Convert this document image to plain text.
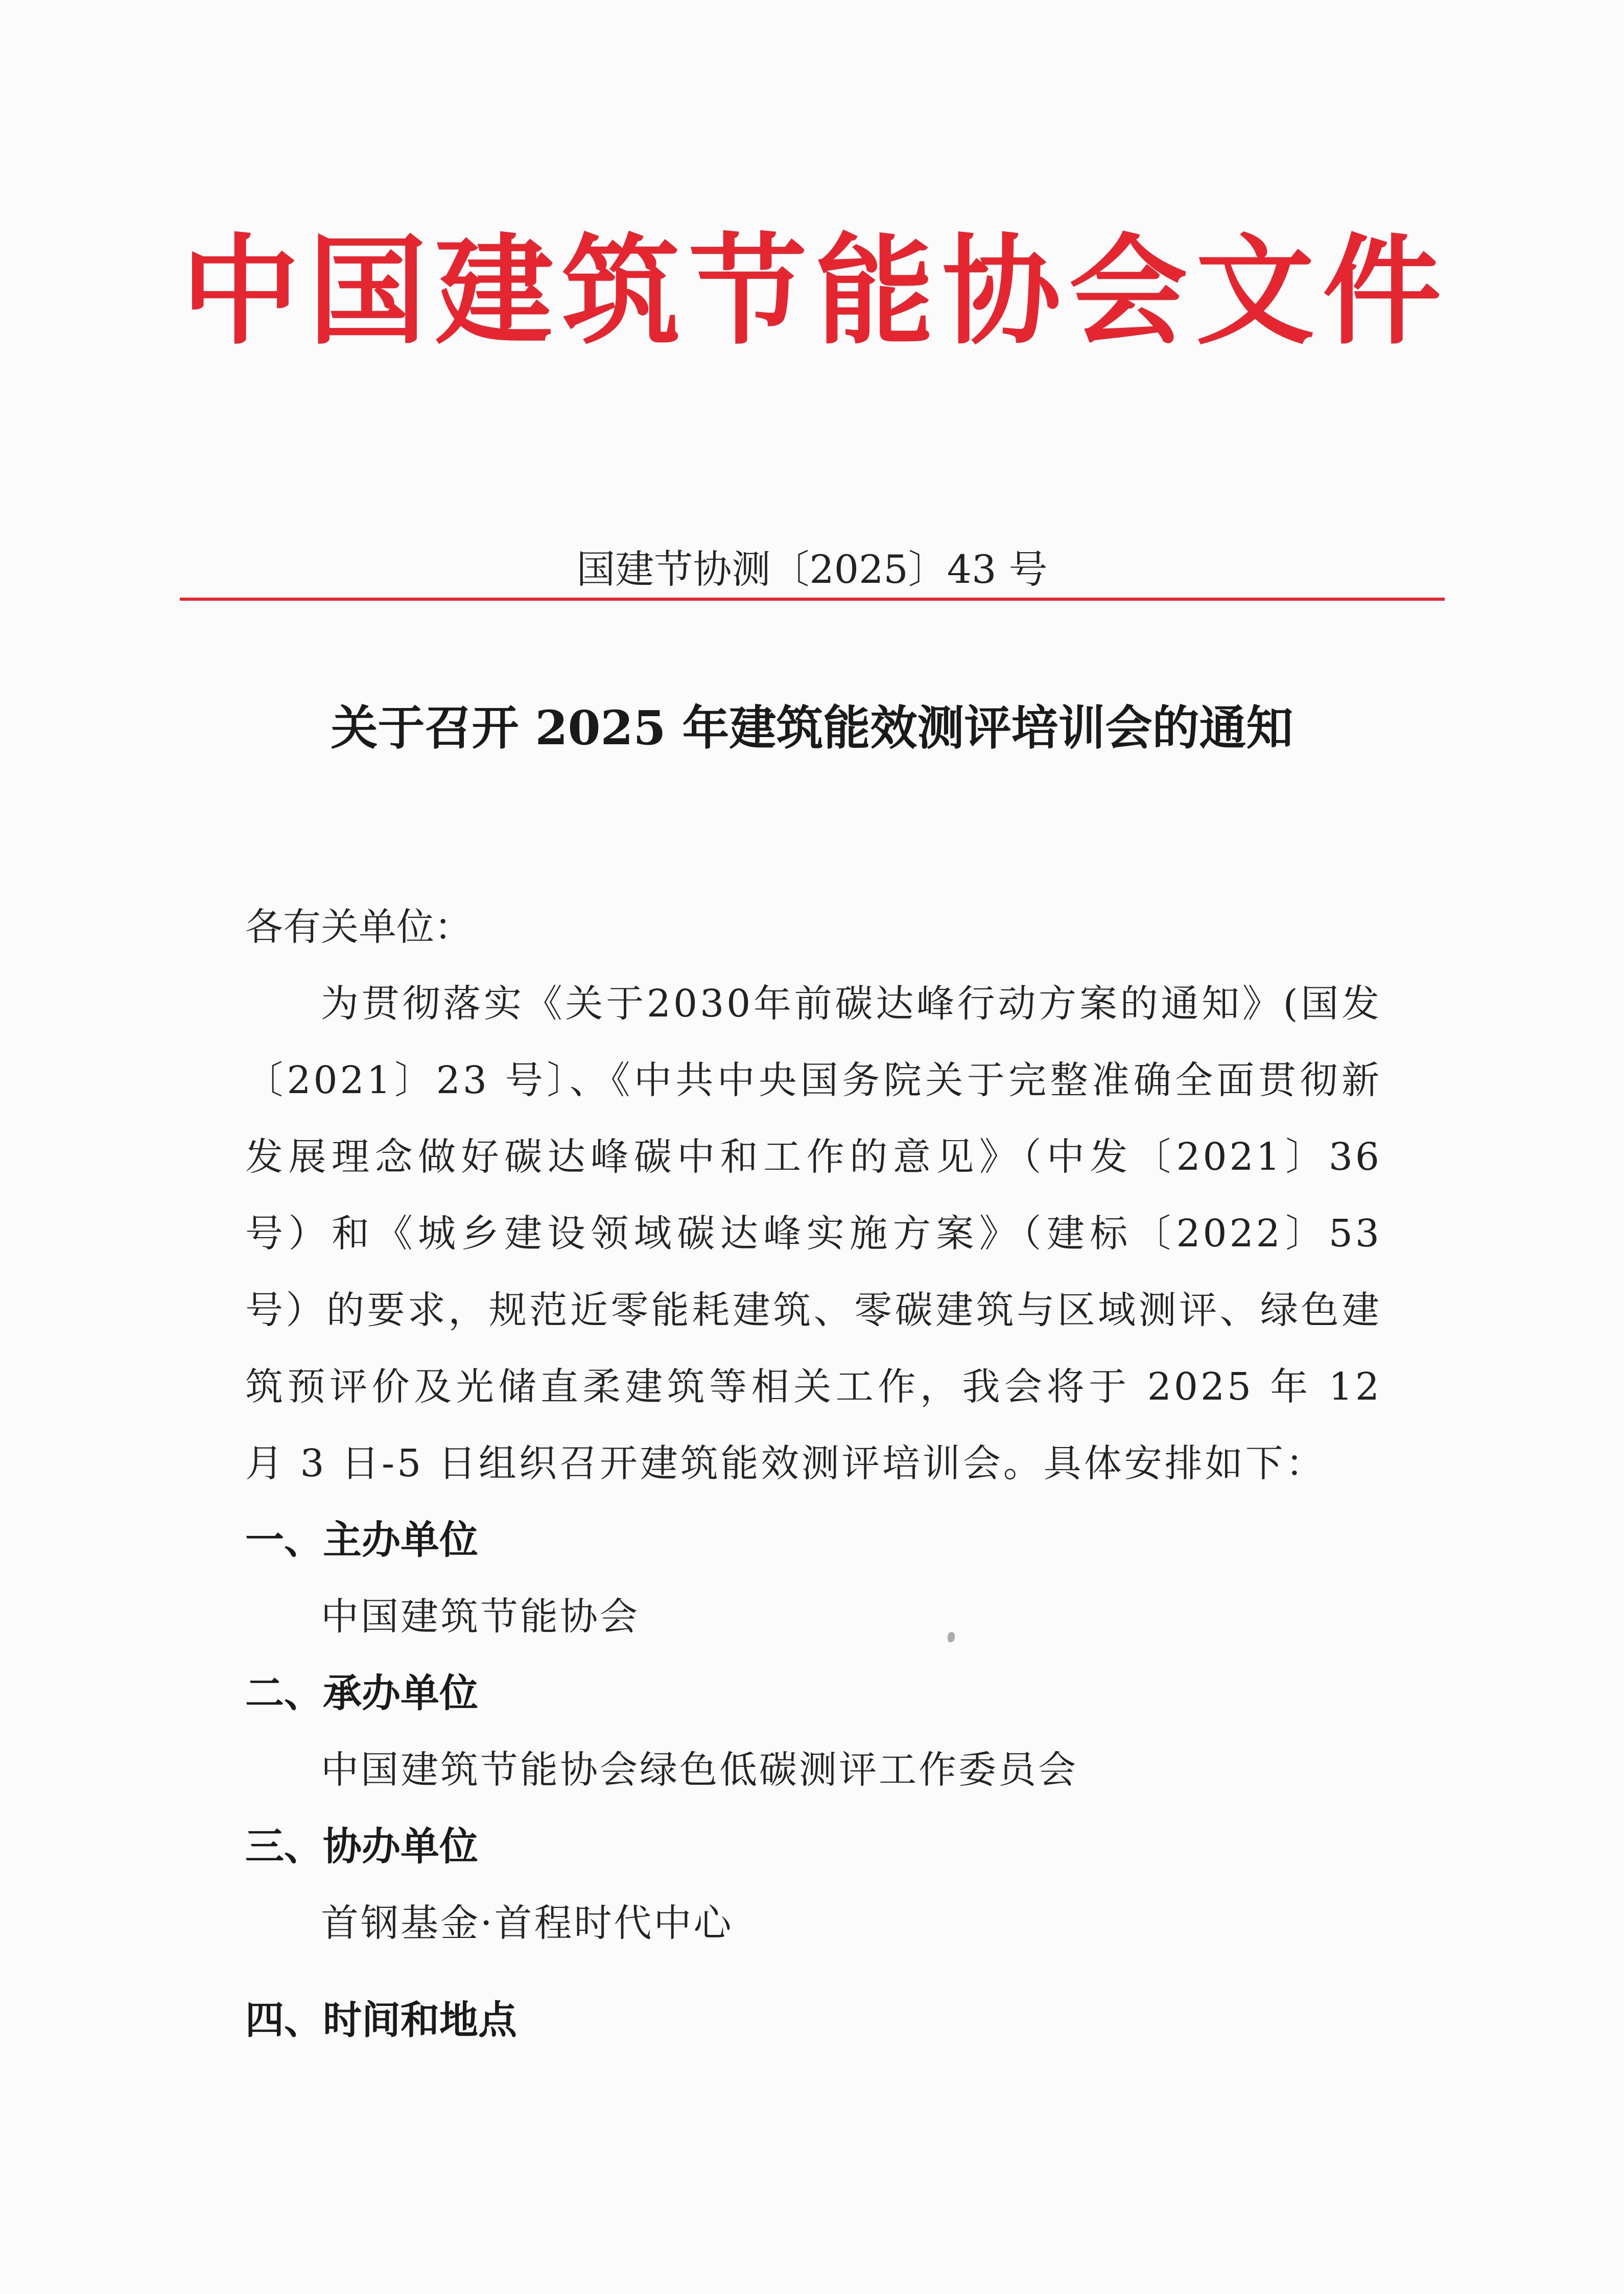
中国建筑节能协会文件
国建节协测〔2025〕43 号
关于召开 2025 年建筑能效测评培训会的通知

各有关单位：

为贯彻落实《关于2030年前碳达峰行动方案的通知》(国发〔2021〕23 号〕、《中共中央国务院关于完整准确全面贯彻新发展理念做好碳达峰碳中和工作的意见》（中发〔2021〕36 号）和《城乡建设领域碳达峰实施方案》（建标〔2022〕53 号）的要求，规范近零能耗建筑、零碳建筑与区域测评、绿色建筑预评价及光储直柔建筑等相关工作，我会将于 2025 年 12 月 3 日-5 日组织召开建筑能效测评培训会。具体安排如下：

一、主办单位

中国建筑节能协会

二、承办单位

中国建筑节能协会绿色低碳测评工作委员会

三、协办单位

首钢基金·首程时代中心

四、时间和地点
